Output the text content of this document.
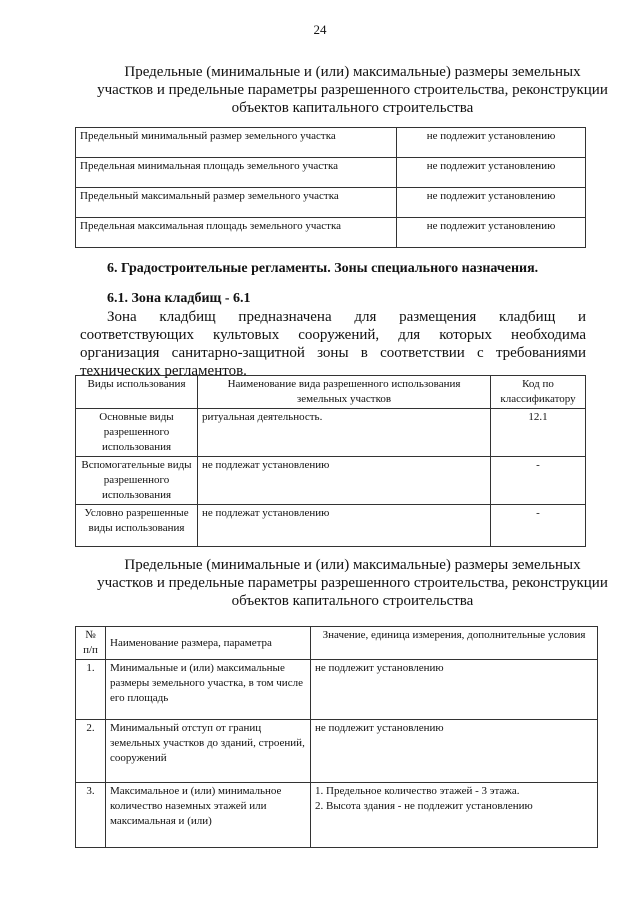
24
Предельные (минимальные и (или) максимальные) размеры земельных
участков и предельные параметры разрешенного строительства, реконструкции
объектов капитального строительства
Предельный минимальный размер земельного участка	не подлежит установлению
Предельная минимальная площадь земельного участка	не подлежит установлению
Предельный максимальный размер земельного участка	не подлежит установлению
Предельная максимальная площадь земельного участка	не подлежит установлению
6. Градостроительные регламенты. Зоны специального назначения.
6.1. Зона кладбищ - 6.1
Зона кладбищ предназначена для размещения кладбищ и соответствующих культовых сооружений, для которых необходима организация санитарно-защитной зоны в соответствии с требованиями технических регламентов.
Виды использования	Наименование вида разрешенного использования земельных участков	Код по классификатору
Основные виды разрешенного использования	ритуальная деятельность.	12.1
Вспомогательные виды разрешенного использования	не подлежат установлению	-
Условно разрешенные виды использования	не подлежат установлению	-
Предельные (минимальные и (или) максимальные) размеры земельных
участков и предельные параметры разрешенного строительства, реконструкции
объектов капитального строительства
№ п/п	Наименование размера, параметра	Значение, единица измерения, дополнительные условия
1.	Минимальные и (или) максимальные размеры земельного участка, в том числе его площадь	не подлежит установлению

2.	Минимальный отступ от границ земельных участков до зданий, строений, сооружений	не подлежит установлению

3.	Максимальное и (или) минимальное количество наземных этажей или максимальная и (или)	1. Предельное количество этажей - 3 этажа.
2. Высота здания - не подлежит установлению
